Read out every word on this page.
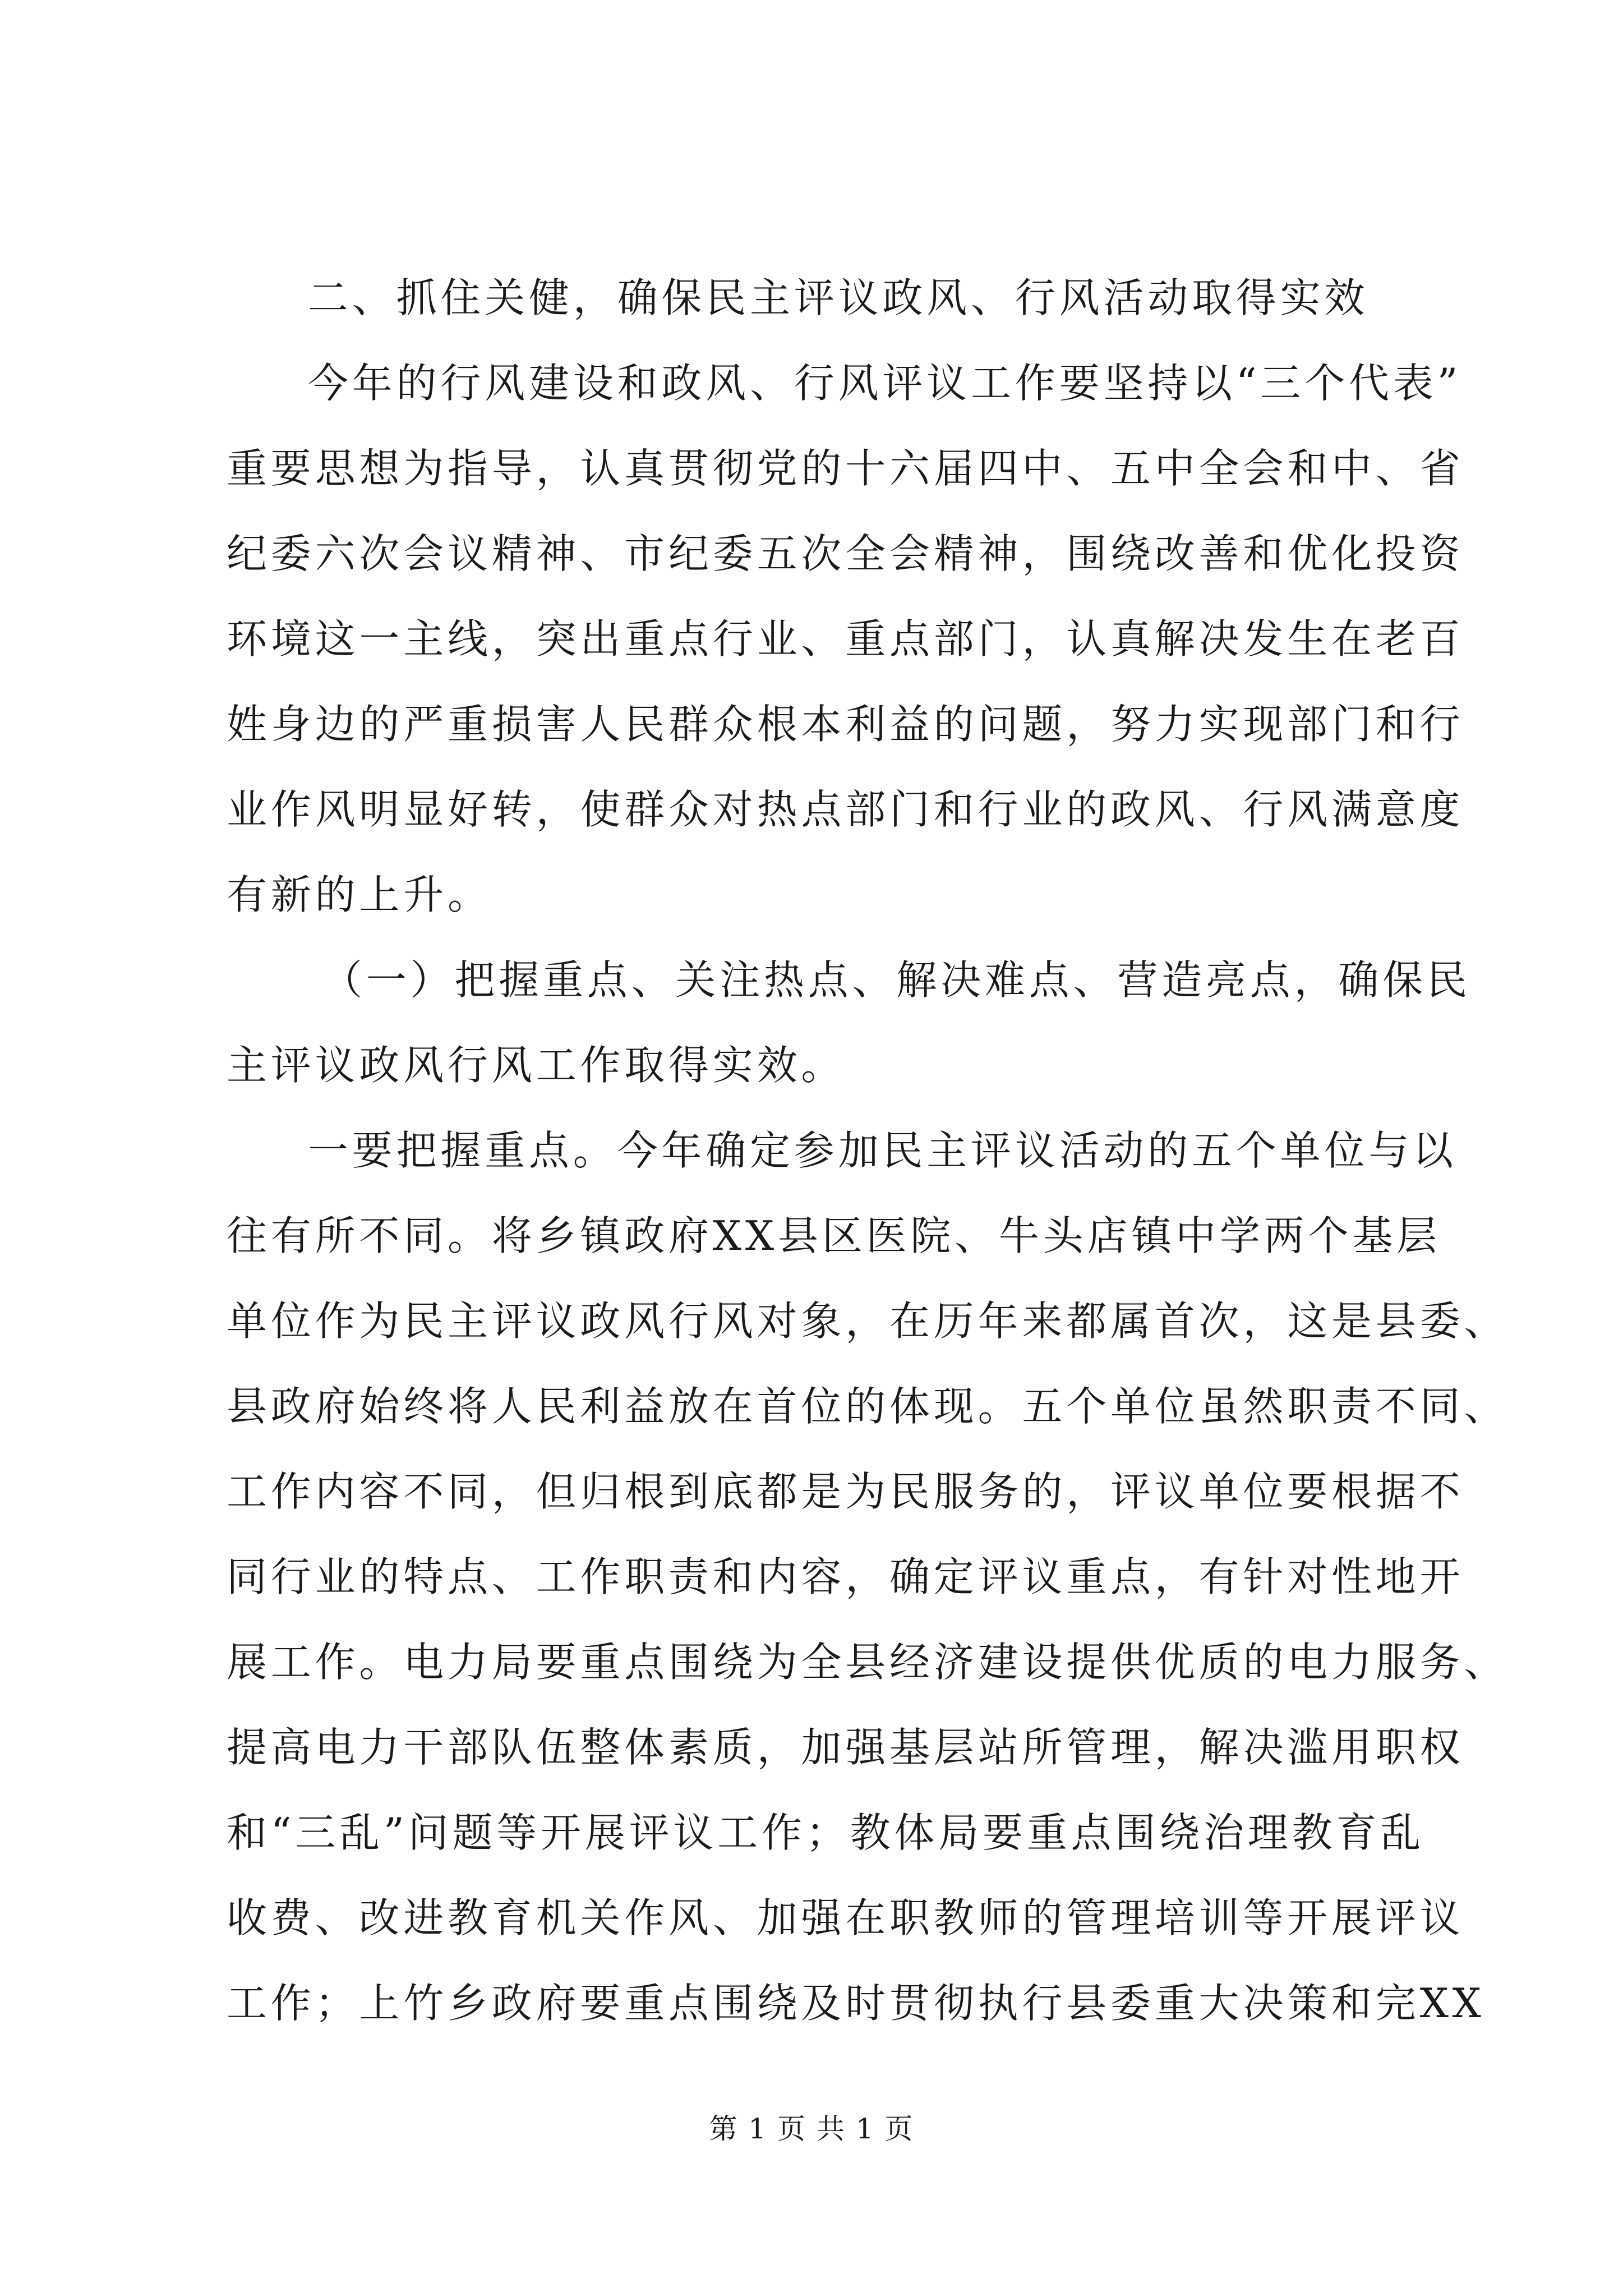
二、抓住关健，确保民主评议政风、行风活动取得实效
今年的行风建设和政风、行风评议工作要坚持以“三个代表”
重要思想为指导，认真贯彻党的十六届四中、五中全会和中、省
纪委六次会议精神、市纪委五次全会精神，围绕改善和优化投资
环境这一主线，突出重点行业、重点部门，认真解决发生在老百
姓身边的严重损害人民群众根本利益的问题，努力实现部门和行
业作风明显好转，使群众对热点部门和行业的政风、行风满意度
有新的上升。
（一）把握重点、关注热点、解决难点、营造亮点，确保民
主评议政风行风工作取得实效。
一要把握重点。今年确定参加民主评议活动的五个单位与以
往有所不同。将乡镇政府XX县区医院、牛头店镇中学两个基层
单位作为民主评议政风行风对象，在历年来都属首次，这是县委、
县政府始终将人民利益放在首位的体现。五个单位虽然职责不同、
工作内容不同，但归根到底都是为民服务的，评议单位要根据不
同行业的特点、工作职责和内容，确定评议重点，有针对性地开
展工作。电力局要重点围绕为全县经济建设提供优质的电力服务、
提高电力干部队伍整体素质，加强基层站所管理，解决滥用职权
和“三乱”问题等开展评议工作；教体局要重点围绕治理教育乱
收费、改进教育机关作风、加强在职教师的管理培训等开展评议
工作；上竹乡政府要重点围绕及时贯彻执行县委重大决策和完XX
第 1 页 共 1 页
